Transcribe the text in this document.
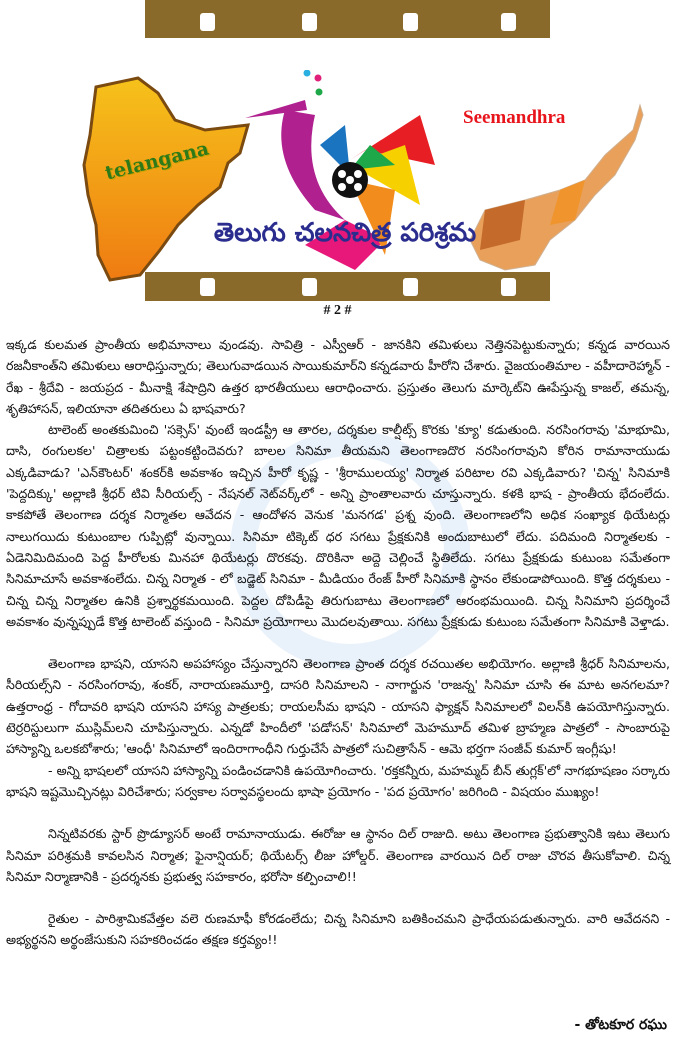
telangana
Seemandhra
తెలుగు చలనచిత్ర పరిశ్రమ
# 2 #

ఇక్కడ కులమత ప్రాంతీయ అభిమానాలు వుండవు. సావిత్రి - ఎస్వీఆర్ - జానకిని తమిళులు నెత్తినపెట్టుకున్నారు; కన్నడ వారయిన రజనీకాంత్‌ని తమిళులు ఆరాధిస్తున్నారు; తెలుగువాడయిన సాయికుమార్‌ని కన్నడవారు హీరోని చేశారు. వైజయంతిమాల - వహీదారెహ్మాన్ - రేఖ - శ్రీదేవి - జయప్రద - మీనాక్షి శేషాద్రిని ఉత్తర భారతీయులు ఆరాధించారు. ప్రస్తుతం తెలుగు మార్కెట్‌ని ఊపేస్తున్న కాజల్, తమన్న, శృతిహాసన్, ఇలియానా తదితరులు ఏ భాషవారు?

టాలెంట్ అంతకుమించి 'సక్సెస్' వుంటే ఇండస్ట్రీ ఆ తారల, దర్శకుల కాల్షీట్స్ కొరకు 'క్యూ' కడుతుంది. నరసింగరావు 'మాభూమి, దాసి, రంగులకల' చిత్రాలకు పట్టంకట్టిందెవరు? బాలల సినిమా తీయమని తెలంగాణదొర నరసింగరావుని కోరిన రామానాయుడు ఎక్కడివాడు? 'ఎన్‌కౌంటర్' శంకర్‌కి అవకాశం ఇచ్చిన హీరో కృష్ణ - 'శ్రీరాములయ్య' నిర్మాత పరిటాల రవి ఎక్కడివారు? 'చిన్న' సినిమాకి 'పెద్దదిక్కు' అల్లాణి శ్రీధర్ టివి సీరియల్స్ - నేషనల్ నెట్‌వర్క్‌లో - అన్ని ప్రాంతాలవారు చూస్తున్నారు. కళకి భాష - ప్రాంతీయ భేదంలేదు. కాకపోతే తెలంగాణ దర్శక నిర్మాతల ఆవేదన - ఆందోళన వెనుక 'మనగడ' ప్రశ్న వుంది. తెలంగాణలోని అధిక సంఖ్యాక థియేటర్లు నాలుగయిదు కుటుంబాల గుప్పిట్లో వున్నాయి. సినిమా టిక్కెట్ ధర సగటు ప్రేక్షకునికి అందుబాటులో లేదు. పదిమంది నిర్మాతలకు - ఏడెనిమిదిమంది పెద్ద హీరోలకు మినహా థియేటర్లు దొరకవు. దొరికినా అద్దె చెల్లించే స్థితిలేదు. సగటు ప్రేక్షకుడు కుటుంబ సమేతంగా సినిమాచూసే అవకాశంలేదు. చిన్న నిర్మాత - లో బడ్జెట్ సినిమా - మీడియం రేంజ్ హీరో సినిమాకి స్థానం లేకుండాపోయింది. కొత్త దర్శకులు - చిన్న చిన్న నిర్మాతల ఉనికి ప్రశ్నార్థకమయింది. పెద్దల దోపిడీపై తిరుగుబాటు తెలంగాణలో ఆరంభమయింది. చిన్న సినిమాని ప్రదర్శించే అవకాశం వున్నప్పుడే కొత్త టాలెంట్ వస్తుంది - సినిమా ప్రయోగాలు మొదలవుతాయి. సగటు ప్రేక్షకుడు కుటుంబ సమేతంగా సినిమాకి వెళ్తాడు.

తెలంగాణ భాషని, యాసని అపహాస్యం చేస్తున్నారని తెలంగాణ ప్రాంత దర్శక రచయితల అభియోగం. అల్లాణి శ్రీధర్ సినిమాలను, సీరియల్స్‌ని - నరసింగరావు, శంకర్, నారాయణమూర్తి, దాసరి సినిమాలని - నాగార్జున 'రాజన్న' సినిమా చూసి ఈ మాట అనగలమా? ఉత్తరాంధ్ర - గోదావరి భాషని యాసని హాస్య పాత్రలకు; రాయలసీమ భాషని - యాసని ఫ్యాక్షన్ సినిమాలలో విలన్‌కి ఉపయోగిస్తున్నారు. టెర్రరిస్టులుగా ముస్లిమ్‌లని చూపిస్తున్నారు. ఎన్నడో హిందీలో 'పడోసన్' సినిమాలో మెహమూద్ తమిళ బ్రాహ్మణ పాత్రలో - సాంబారుపై హాస్యాన్ని ఒలకబోశారు; 'ఆంధీ' సినిమాలో ఇందిరాగాంధీని గుర్తుచేసే పాత్రలో సుచిత్రాసేన్ - ఆమె భర్తగా సంజీవ్ కుమార్ ఇంగ్లీషు!

- అన్ని భాషలలో యాసని హాస్యాన్ని పండించడానికి ఉపయోగించారు. 'రక్తకన్నీరు, మహమ్మద్ బీన్ తుగ్లక్'లో నాగభూషణం సర్కారు భాషని ఇష్టమొచ్చినట్లు విరిచేశారు; సర్వకాల సర్వావస్థలందు భాషా ప్రయోగం - 'పద ప్రయోగం' జరిగింది - విషయం ముఖ్యం!

నిన్నటివరకు స్టార్ ప్రొడ్యూసర్ అంటే రామానాయుడు. ఈరోజు ఆ స్థానం దిల్ రాజుది. అటు తెలంగాణ ప్రభుత్వానికి ఇటు తెలుగు సినిమా పరిశ్రమకి కావలసిన నిర్మాత; ఫైనాన్షియర్; థియేటర్స్ లీజు హోల్డర్. తెలంగాణ వారయిన దిల్ రాజు చొరవ తీసుకోవాలి. చిన్న సినిమా నిర్మాణానికి - ప్రదర్శనకు ప్రభుత్వ సహకారం, భరోసా కల్పించాలి!!

రైతుల - పారిశ్రామికవేత్తల వలె రుణమాఫీ కోరడంలేదు; చిన్న సినిమాని బతికించమని ప్రాధేయపడుతున్నారు. వారి ఆవేదనని - అభ్యర్థనని అర్థంజేసుకుని సహకరించడం తక్షణ కర్తవ్యం!!

- తోటకూర రఘు
